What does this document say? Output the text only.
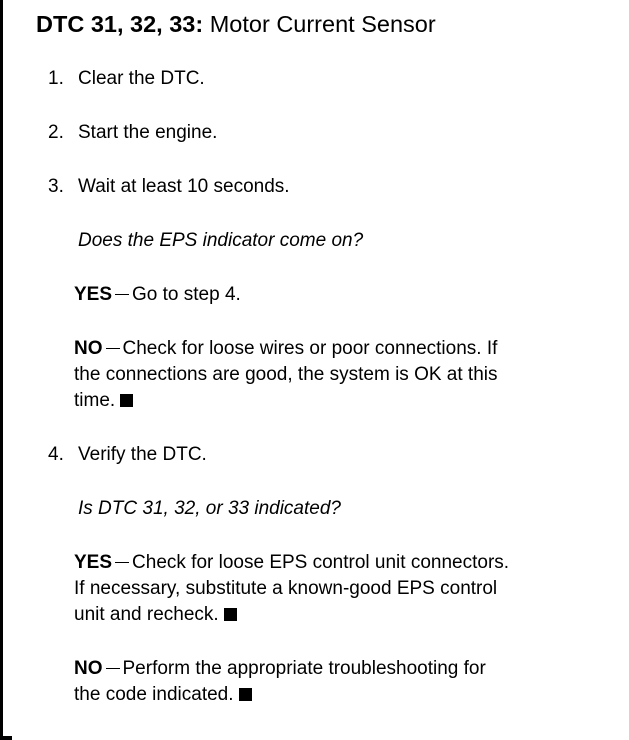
DTC 31, 32, 33: Motor Current Sensor
1. Clear the DTC.
2. Start the engine.
3. Wait at least 10 seconds.
Does the EPS indicator come on?
YES Go to step 4.
NO Check for loose wires or poor connections. If
the connections are good, the system is OK at this
time.
4. Verify the DTC.
Is DTC 31, 32, or 33 indicated?
YES Check for loose EPS control unit connectors.
If necessary, substitute a known-good EPS control
unit and recheck.
NO Perform the appropriate troubleshooting for
the code indicated.
